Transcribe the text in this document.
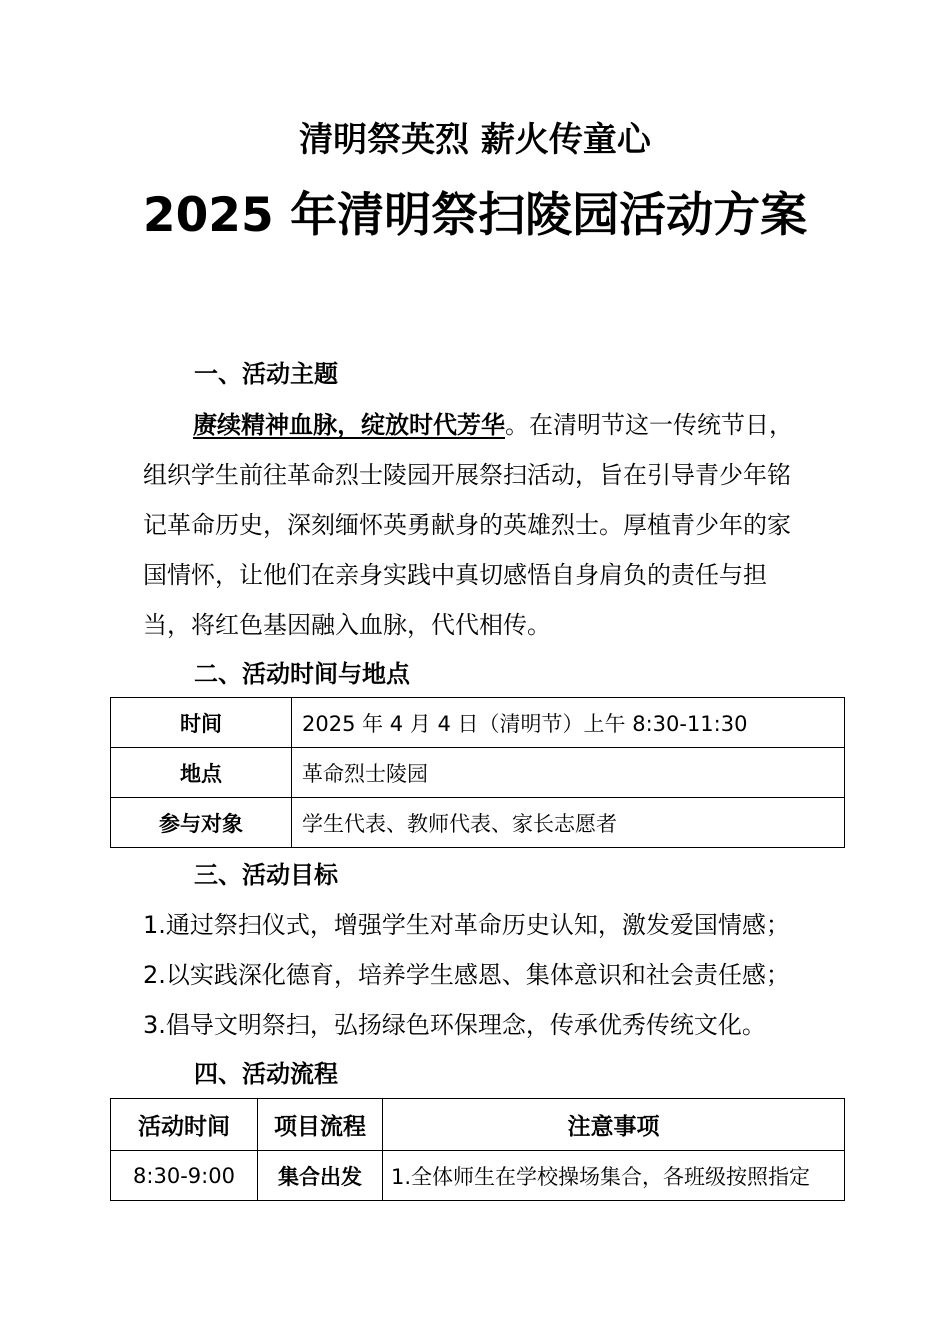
清明祭英烈 薪火传童心
2025 年清明祭扫陵园活动方案
一、活动主题
赓续精神血脉，绽放时代芳华。在清明节这一传统节日，组织学生前往革命烈士陵园开展祭扫活动，旨在引导青少年铭记革命历史，深刻缅怀英勇献身的英雄烈士。厚植青少年的家国情怀，让他们在亲身实践中真切感悟自身肩负的责任与担当，将红色基因融入血脉，代代相传。
二、活动时间与地点
时间	2025 年 4 月 4 日（清明节）上午 8:30-11:30
地点	革命烈士陵园
参与对象	学生代表、教师代表、家长志愿者
三、活动目标
1.通过祭扫仪式，增强学生对革命历史认知，激发爱国情感；
2.以实践深化德育，培养学生感恩、集体意识和社会责任感；
3.倡导文明祭扫，弘扬绿色环保理念，传承优秀传统文化。
四、活动流程
活动时间	项目流程	注意事项
8:30-9:00	集合出发	1.全体师生在学校操场集合，各班级按照指定
